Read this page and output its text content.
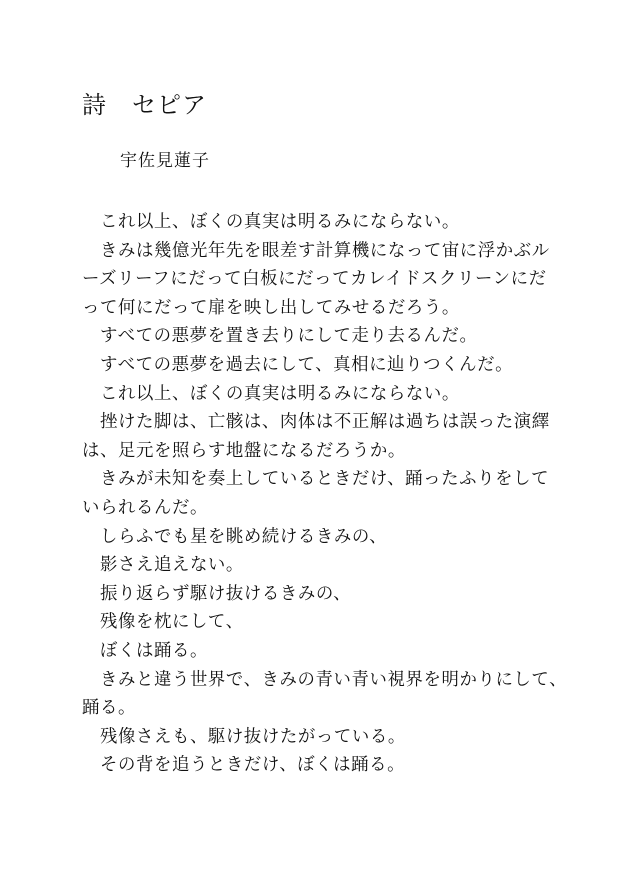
詩　セピア
宇佐見蓮子
　これ以上、ぼくの真実は明るみにならない。
　きみは幾億光年先を眼差す計算機になって宙に浮かぶル
ーズリーフにだって白板にだってカレイドスクリーンにだ
って何にだって扉を映し出してみせるだろう。
　すべての悪夢を置き去りにして走り去るんだ。
　すべての悪夢を過去にして、真相に辿りつくんだ。
　これ以上、ぼくの真実は明るみにならない。
　挫けた脚は、亡骸は、肉体は不正解は過ちは誤った演繹
は、足元を照らす地盤になるだろうか。
　きみが未知を奏上しているときだけ、踊ったふりをして
いられるんだ。
　しらふでも星を眺め続けるきみの、
　影さえ追えない。
　振り返らず駆け抜けるきみの、
　残像を枕にして、
　ぼくは踊る。
　きみと違う世界で、きみの青い青い視界を明かりにして、
踊る。
　残像さえも、駆け抜けたがっている。
　その背を追うときだけ、ぼくは踊る。
